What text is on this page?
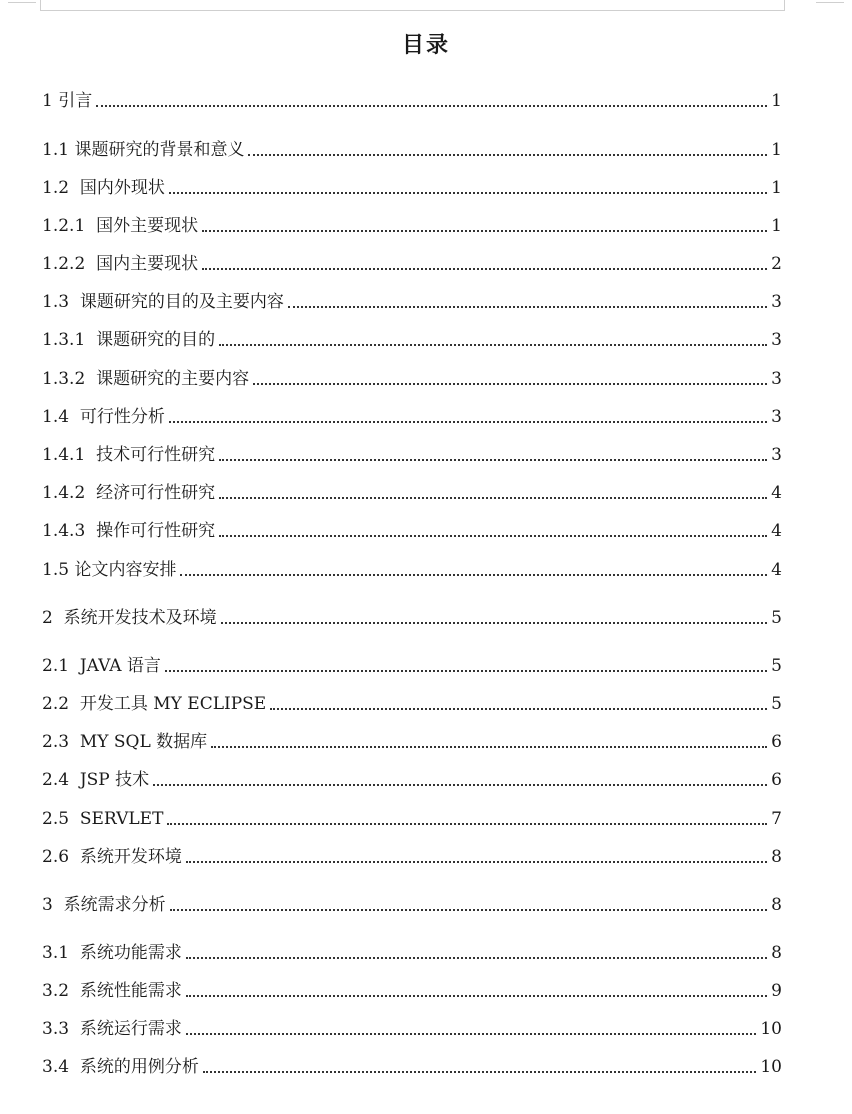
目录
1 引言	1
1.1 课题研究的背景和意义	1
1.2  国内外现状	1
1.2.1  国外主要现状	1
1.2.2  国内主要现状	2
1.3  课题研究的目的及主要内容	3
1.3.1  课题研究的目的	3
1.3.2  课题研究的主要内容	3
1.4  可行性分析	3
1.4.1  技术可行性研究	3
1.4.2  经济可行性研究	4
1.4.3  操作可行性研究	4
1.5 论文内容安排	4
2  系统开发技术及环境	5
2.1  JAVA 语言	5
2.2  开发工具 MY ECLIPSE	5
2.3  MY SQL 数据库	6
2.4  JSP 技术	6
2.5  SERVLET	7
2.6  系统开发环境	8
3  系统需求分析	8
3.1  系统功能需求	8
3.2  系统性能需求	9
3.3  系统运行需求	10
3.4  系统的用例分析	10
